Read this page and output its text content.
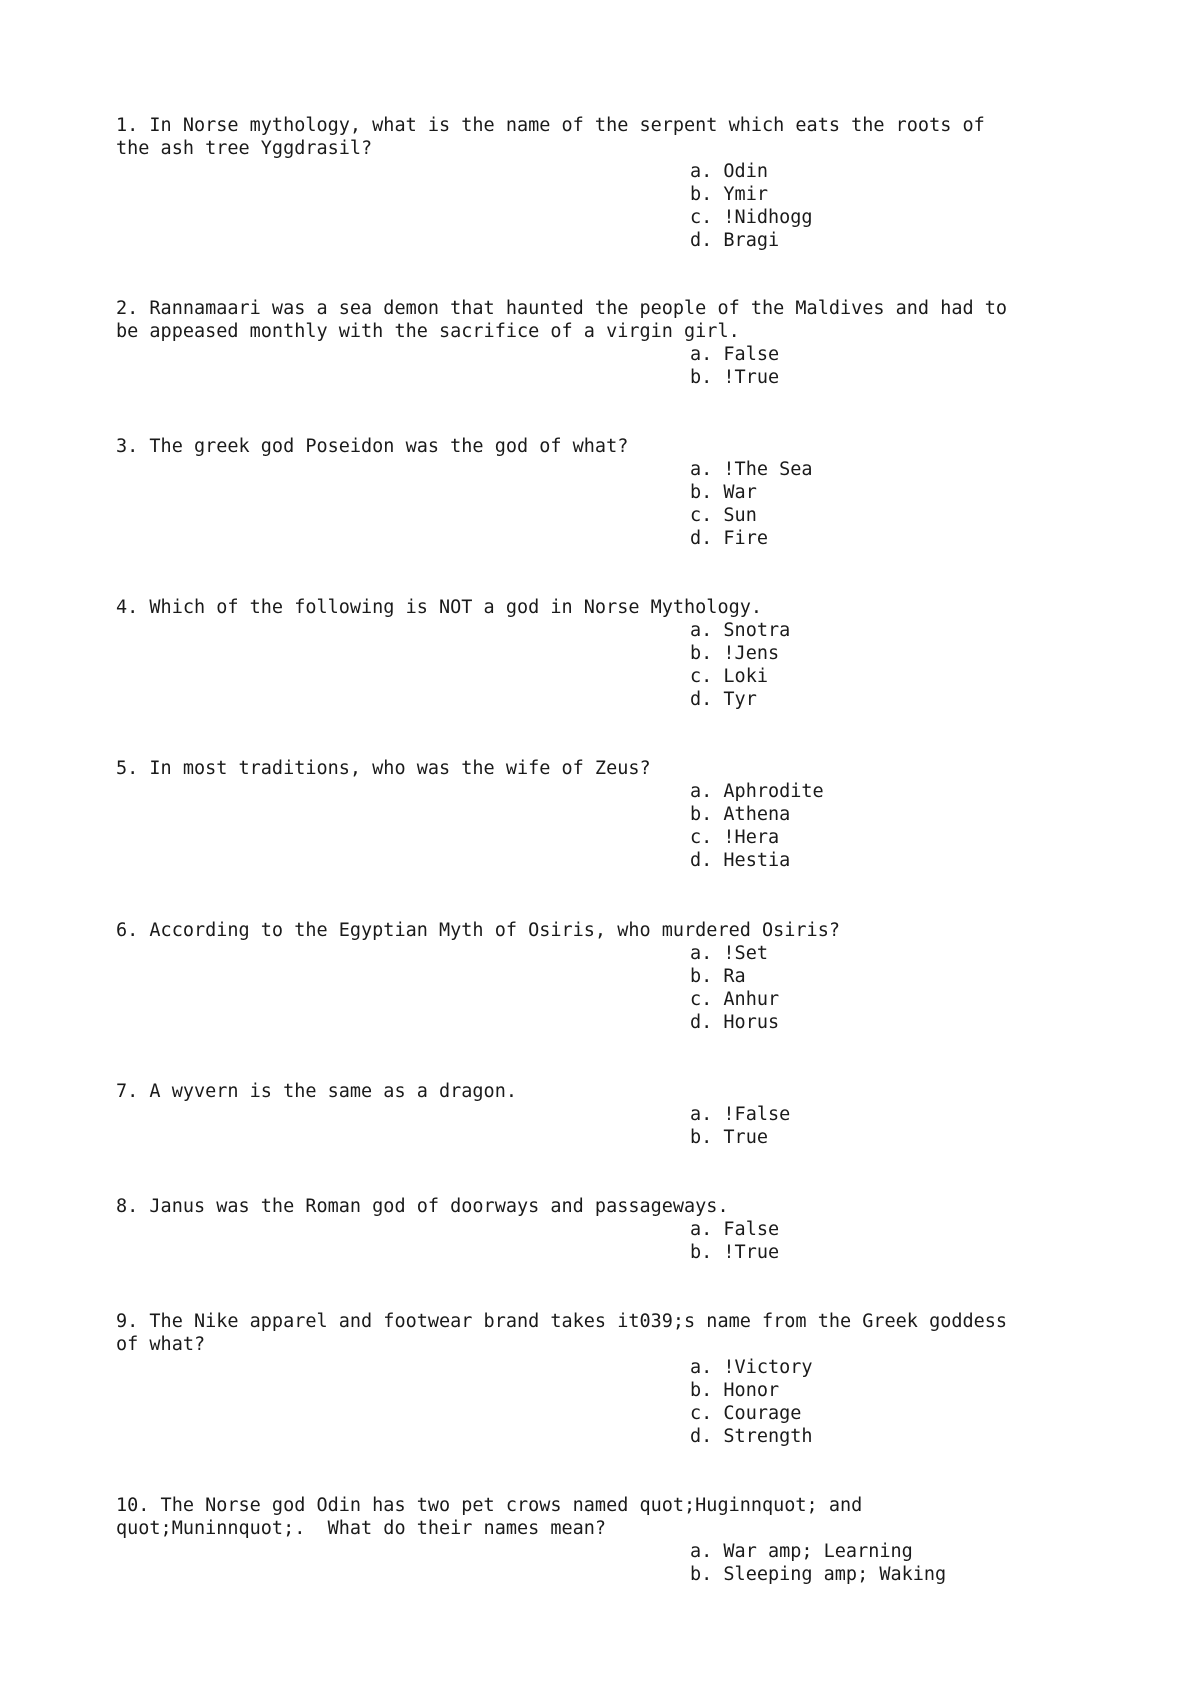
1. In Norse mythology, what is the name of the serpent which eats the roots of
the ash tree Yggdrasil?

a. Odin
b. Ymir
c. !Nidhogg
d. Bragi

2. Rannamaari was a sea demon that haunted the people of the Maldives and had to
be appeased monthly with the sacrifice of a virgin girl.

a. False
b. !True

3. The greek god Poseidon was the god of what?

a. !The Sea
b. War
c. Sun
d. Fire

4. Which of the following is NOT a god in Norse Mythology.

a. Snotra
b. !Jens
c. Loki
d. Tyr

5. In most traditions, who was the wife of Zeus?

a. Aphrodite
b. Athena
c. !Hera
d. Hestia

6. According to the Egyptian Myth of Osiris, who murdered Osiris?

a. !Set
b. Ra
c. Anhur
d. Horus

7. A wyvern is the same as a dragon.

a. !False
b. True

8. Janus was the Roman god of doorways and passageways.

a. False
b. !True

9. The Nike apparel and footwear brand takes it039;s name from the Greek goddess
of what?

a. !Victory
b. Honor
c. Courage
d. Strength

10. The Norse god Odin has two pet crows named quot;Huginnquot; and
quot;Muninnquot;.  What do their names mean?

a. War amp; Learning
b. Sleeping amp; Waking
